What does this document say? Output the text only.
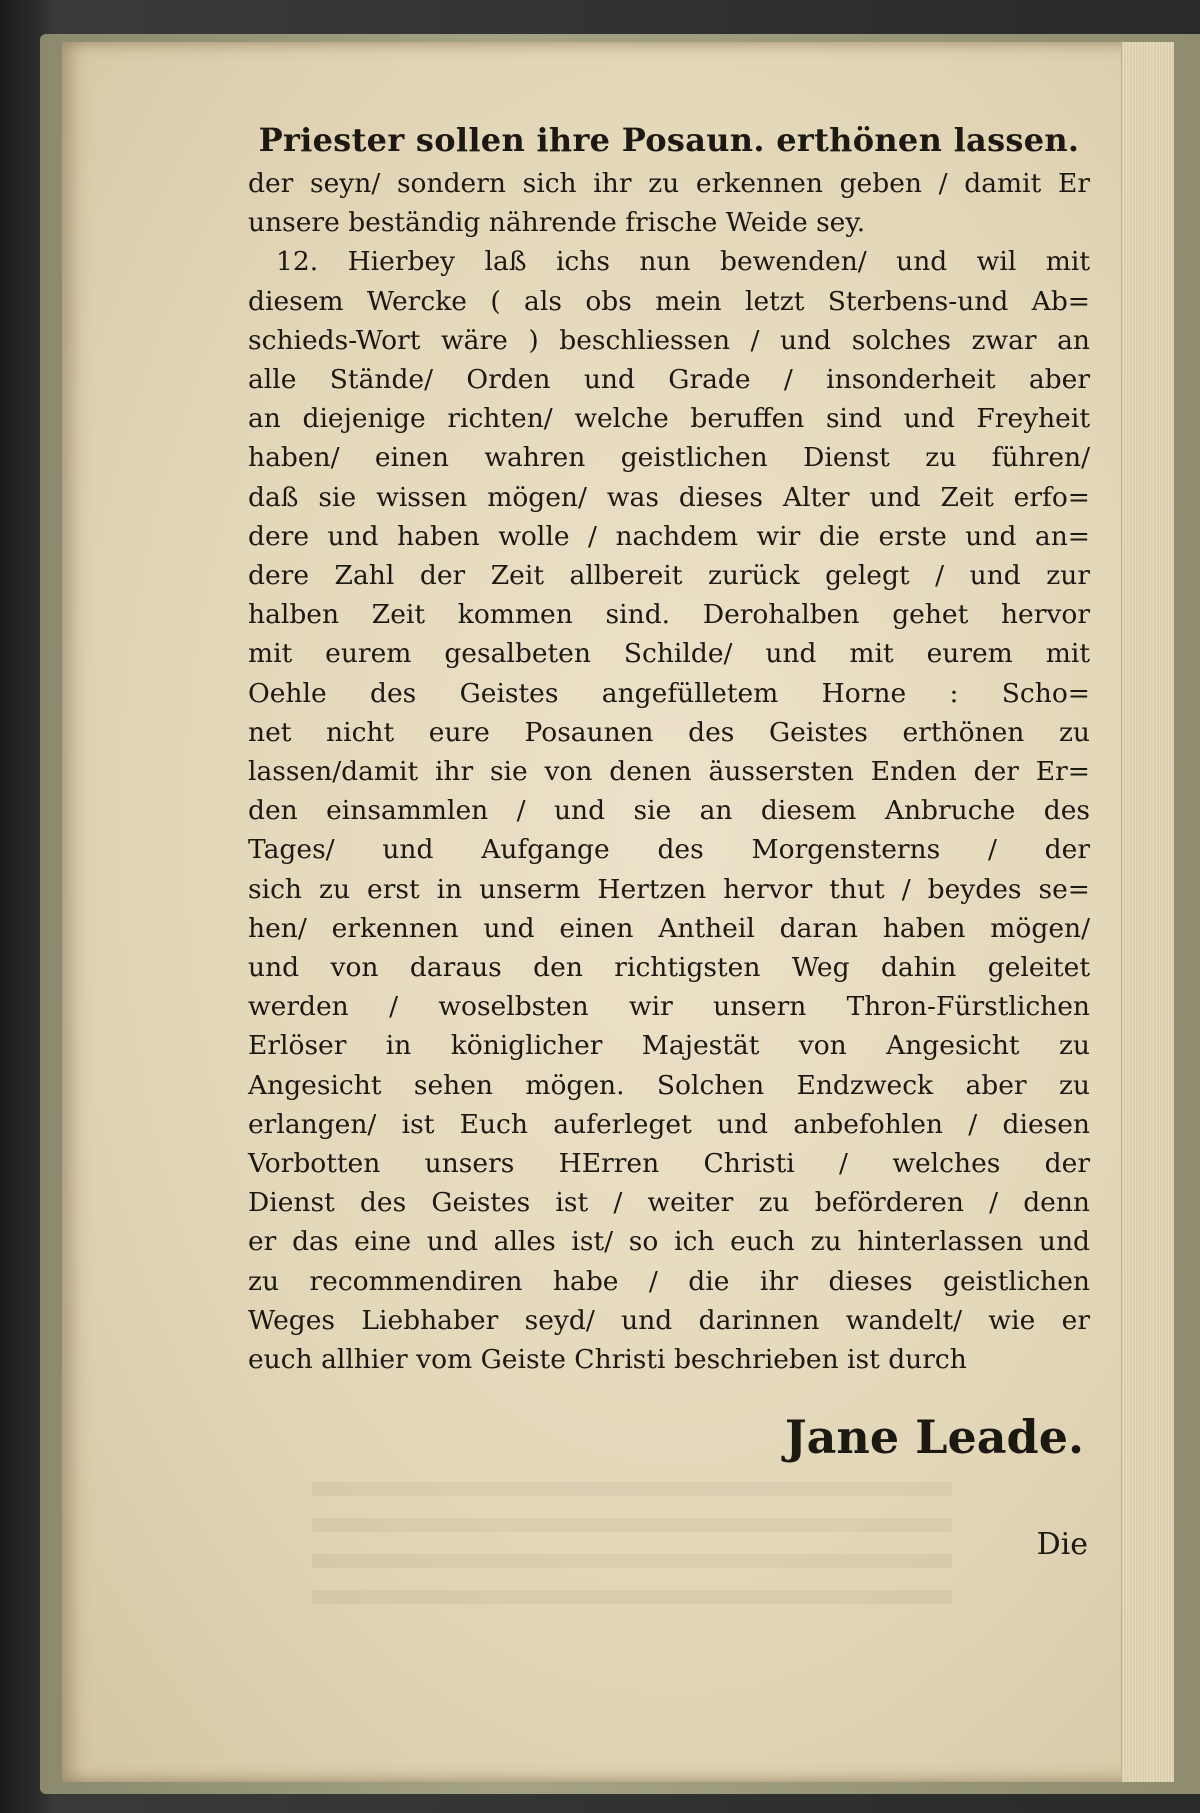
Priester sollen ihre Posaun. erthönen lassen.
der seyn/ sondern sich ihr zu erkennen geben / damit Er
unsere beständig nährende frische Weide sey.
12. Hierbey laß ichs nun bewenden/ und wil mit
diesem Wercke ( als obs mein letzt Sterbens-und Ab=
schieds-Wort wäre ) beschliessen / und solches zwar an
alle Stände/ Orden und Grade / insonderheit aber
an diejenige richten/ welche beruffen sind und Freyheit
haben/ einen wahren geistlichen Dienst zu führen/
daß sie wissen mögen/ was dieses Alter und Zeit erfo=
dere und haben wolle / nachdem wir die erste und an=
dere Zahl der Zeit allbereit zurück gelegt / und zur
halben Zeit kommen sind. Derohalben gehet hervor
mit eurem gesalbeten Schilde/ und mit eurem mit
Oehle des Geistes angefülletem Horne : Scho=
net nicht eure Posaunen des Geistes erthönen zu
lassen/damit ihr sie von denen äussersten Enden der Er=
den einsammlen / und sie an diesem Anbruche des
Tages/ und Aufgange des Morgensterns / der
sich zu erst in unserm Hertzen hervor thut / beydes se=
hen/ erkennen und einen Antheil daran haben mögen/
und von daraus den richtigsten Weg dahin geleitet
werden / woselbsten wir unsern Thron-Fürstlichen
Erlöser in königlicher Majestät von Angesicht zu
Angesicht sehen mögen. Solchen Endzweck aber zu
erlangen/ ist Euch auferleget und anbefohlen / diesen
Vorbotten unsers HErren Christi / welches der
Dienst des Geistes ist / weiter zu beförderen / denn
er das eine und alles ist/ so ich euch zu hinterlassen und
zu recommendiren habe / die ihr dieses geistlichen
Weges Liebhaber seyd/ und darinnen wandelt/ wie er
euch allhier vom Geiste Christi beschrieben ist durch
Jane Leade.
Die
